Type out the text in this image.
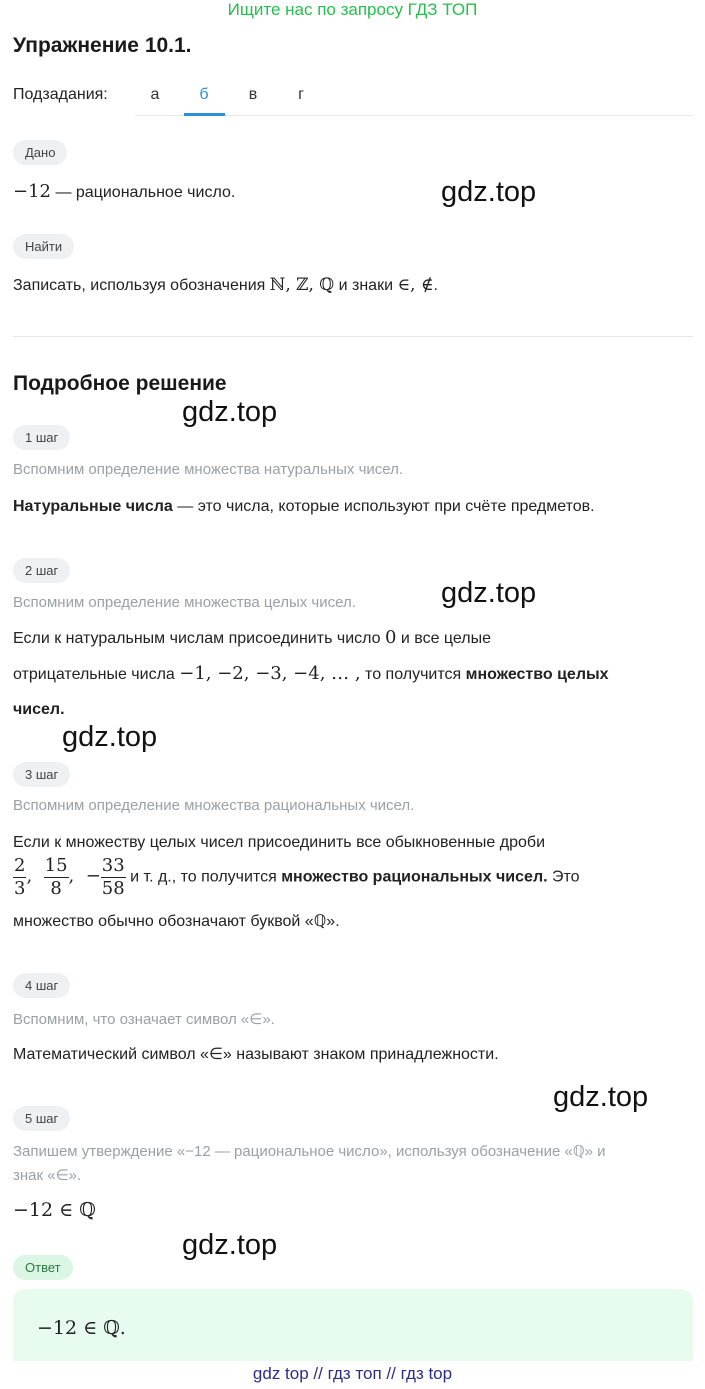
Ищите нас по запросу ГДЗ ТОП
Упражнение 10.1.
Подзадания:	а	б	в	г
Дано
−12 — рациональное число.
Найти
Записать, используя обозначения ℕ, ℤ, ℚ и знаки ∈, ∉.
Подробное решение
1 шаг
Вспомним определение множества натуральных чисел.
Натуральные числа — это числа, которые используют при счёте предметов.
2 шаг
Вспомним определение множества целых чисел.
Если к натуральным числам присоединить число 0 и все целые
отрицательные числа −1, −2, −3, −4, … , то получится множество целых
чисел.
3 шаг
Вспомним определение множества рациональных чисел.
Если к множеству целых чисел присоединить все обыкновенные дроби
$\frac{2}{3}$ , $\frac{15}{8}$ ,  − $\frac{33}{58}$ и т. д., то получится множество рациональных чисел. Это
множество обычно обозначают буквой «ℚ».
4 шаг
Вспомним, что означает символ «∈».
Математический символ «∈» называют знаком принадлежности.
5 шаг
Запишем утверждение «−12 — рациональное число», используя обозначение «ℚ» и
знак «∈».
−12 ∈ ℚ
Ответ
−12 ∈ ℚ.
gdz.top
gdz.top
gdz.top
gdz.top
gdz.top
gdz.top
gdz top // гдз топ // гдз top
